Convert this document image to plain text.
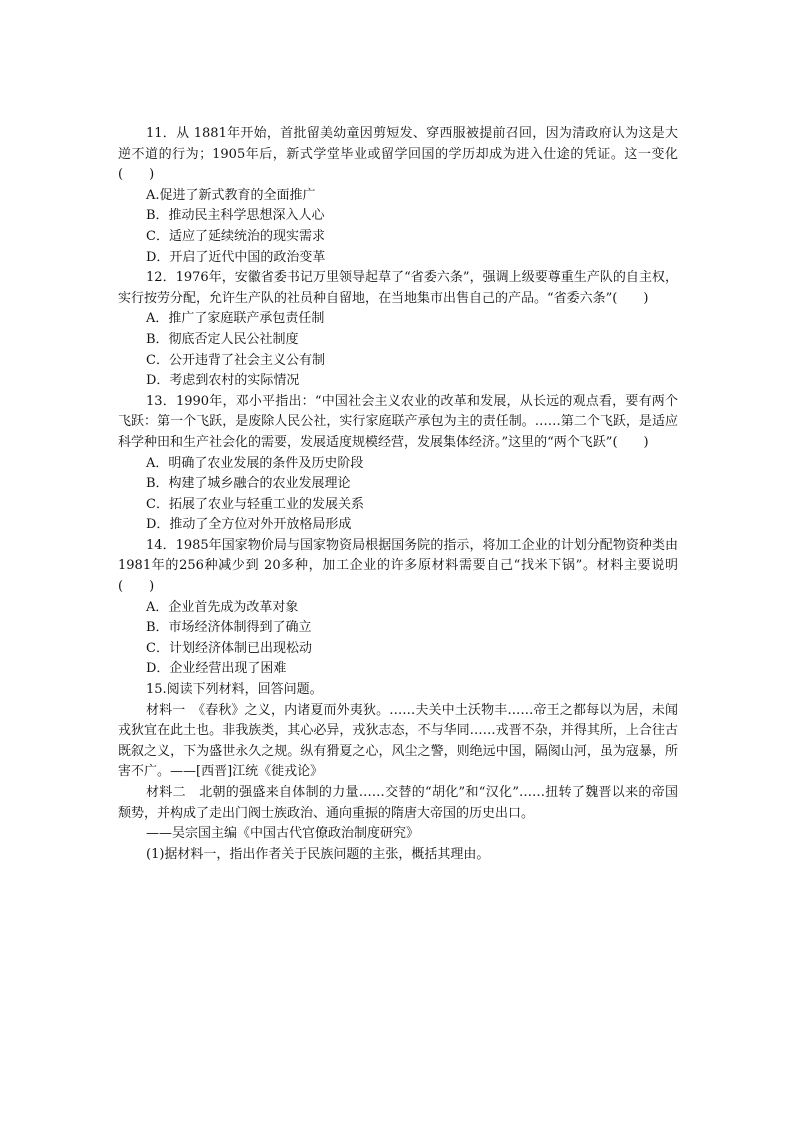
11．从 1881年开始，首批留美幼童因剪短发、穿西服被提前召回，因为清政府认为这是大逆不道的行为；1905年后，新式学堂毕业或留学回国的学历却成为进入仕途的凭证。这一变化(　　)

A.促进了新式教育的全面推广

B．推动民主科学思想深入人心

C．适应了延续统治的现实需求

D．开启了近代中国的政治变革

12．1976年，安徽省委书记万里领导起草了“省委六条”，强调上级要尊重生产队的自主权，实行按劳分配，允许生产队的社员种自留地，在当地集市出售自己的产品。“省委六条”(　　)

A．推广了家庭联产承包责任制

B．彻底否定人民公社制度

C．公开违背了社会主义公有制

D．考虑到农村的实际情况

13．1990年，邓小平指出：“中国社会主义农业的改革和发展，从长远的观点看，要有两个飞跃：第一个飞跃，是废除人民公社，实行家庭联产承包为主的责任制。……第二个飞跃，是适应科学种田和生产社会化的需要，发展适度规模经营，发展集体经济。”这里的“两个飞跃”(　　)

A．明确了农业发展的条件及历史阶段

B．构建了城乡融合的农业发展理论

C．拓展了农业与轻重工业的发展关系

D．推动了全方位对外开放格局形成

14．1985年国家物价局与国家物资局根据国务院的指示，将加工企业的计划分配物资种类由 1981年的256种减少到 20多种，加工企业的许多原材料需要自己“找米下锅”。材料主要说明(　　)

A．企业首先成为改革对象

B．市场经济体制得到了确立

C．计划经济体制已出现松动

D．企业经营出现了困难

15.阅读下列材料，回答问题。

材料一　《春秋》之义，内诸夏而外夷狄。……夫关中土沃物丰……帝王之都每以为居，未闻戎狄宜在此土也。非我族类，其心必异，戎狄志态，不与华同……戎晋不杂，并得其所，上合往古既叙之义，下为盛世永久之规。纵有猾夏之心，风尘之警，则绝远中国，隔阂山河，虽为寇暴，所害不广。——[西晋]江统《徙戎论》

材料二　北朝的强盛来自体制的力量……交替的“胡化”和“汉化”……扭转了魏晋以来的帝国颓势，并构成了走出门阀士族政治、通向重振的隋唐大帝国的历史出口。

——吴宗国主编《中国古代官僚政治制度研究》

(1)据材料一，指出作者关于民族问题的主张，概括其理由。
